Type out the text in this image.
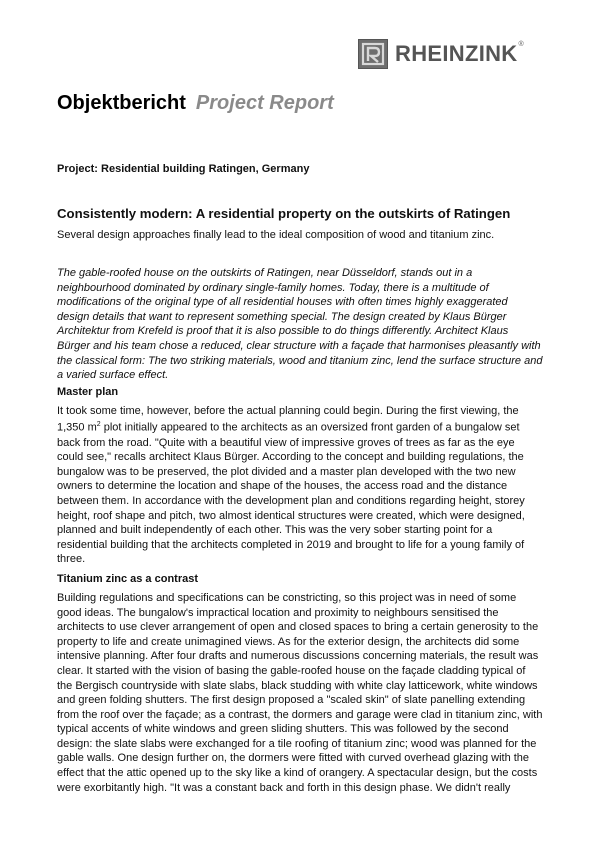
RHEINZINK ®
Objektbericht Project Report
Project: Residential building Ratingen, Germany
Consistently modern: A residential property on the outskirts of Ratingen
Several design approaches finally lead to the ideal composition of wood and titanium zinc.

The gable-roofed house on the outskirts of Ratingen, near Düsseldorf, stands out in a neighbourhood dominated by ordinary single-family homes. Today, there is a multitude of modifications of the original type of all residential houses with often times highly exaggerated design details that want to represent something special. The design created by Klaus Bürger Architektur from Krefeld is proof that it is also possible to do things differently. Architect Klaus Bürger and his team chose a reduced, clear structure with a façade that harmonises pleasantly with the classical form: The two striking materials, wood and titanium zinc, lend the surface structure and a varied surface effect.

Master plan

It took some time, however, before the actual planning could begin. During the first viewing, the 1,350 $m^2$ plot initially appeared to the architects as an oversized front garden of a bungalow set back from the road. "Quite with a beautiful view of impressive groves of trees as far as the eye could see," recalls architect Klaus Bürger. According to the concept and building regulations, the bungalow was to be preserved, the plot divided and a master plan developed with the two new owners to determine the location and shape of the houses, the access road and the distance between them. In accordance with the development plan and conditions regarding height, storey height, roof shape and pitch, two almost identical structures were created, which were designed, planned and built independently of each other. This was the very sober starting point for a residential building that the architects completed in 2019 and brought to life for a young family of three.

Titanium zinc as a contrast

Building regulations and specifications can be constricting, so this project was in need of some good ideas. The bungalow's impractical location and proximity to neighbours sensitised the architects to use clever arrangement of open and closed spaces to bring a certain generosity to the property to life and create unimagined views. As for the exterior design, the architects did some intensive planning. After four drafts and numerous discussions concerning materials, the result was clear. It started with the vision of basing the gable-roofed house on the façade cladding typical of the Bergisch countryside with slate slabs, black studding with white clay latticework, white windows and green folding shutters. The first design proposed a "scaled skin" of slate panelling extending from the roof over the façade; as a contrast, the dormers and garage were clad in titanium zinc, with typical accents of white windows and green sliding shutters. This was followed by the second design: the slate slabs were exchanged for a tile roofing of titanium zinc; wood was planned for the gable walls. One design further on, the dormers were fitted with curved overhead glazing with the effect that the attic opened up to the sky like a kind of orangery. A spectacular design, but the costs were exorbitantly high. "It was a constant back and forth in this design phase. We didn't really
